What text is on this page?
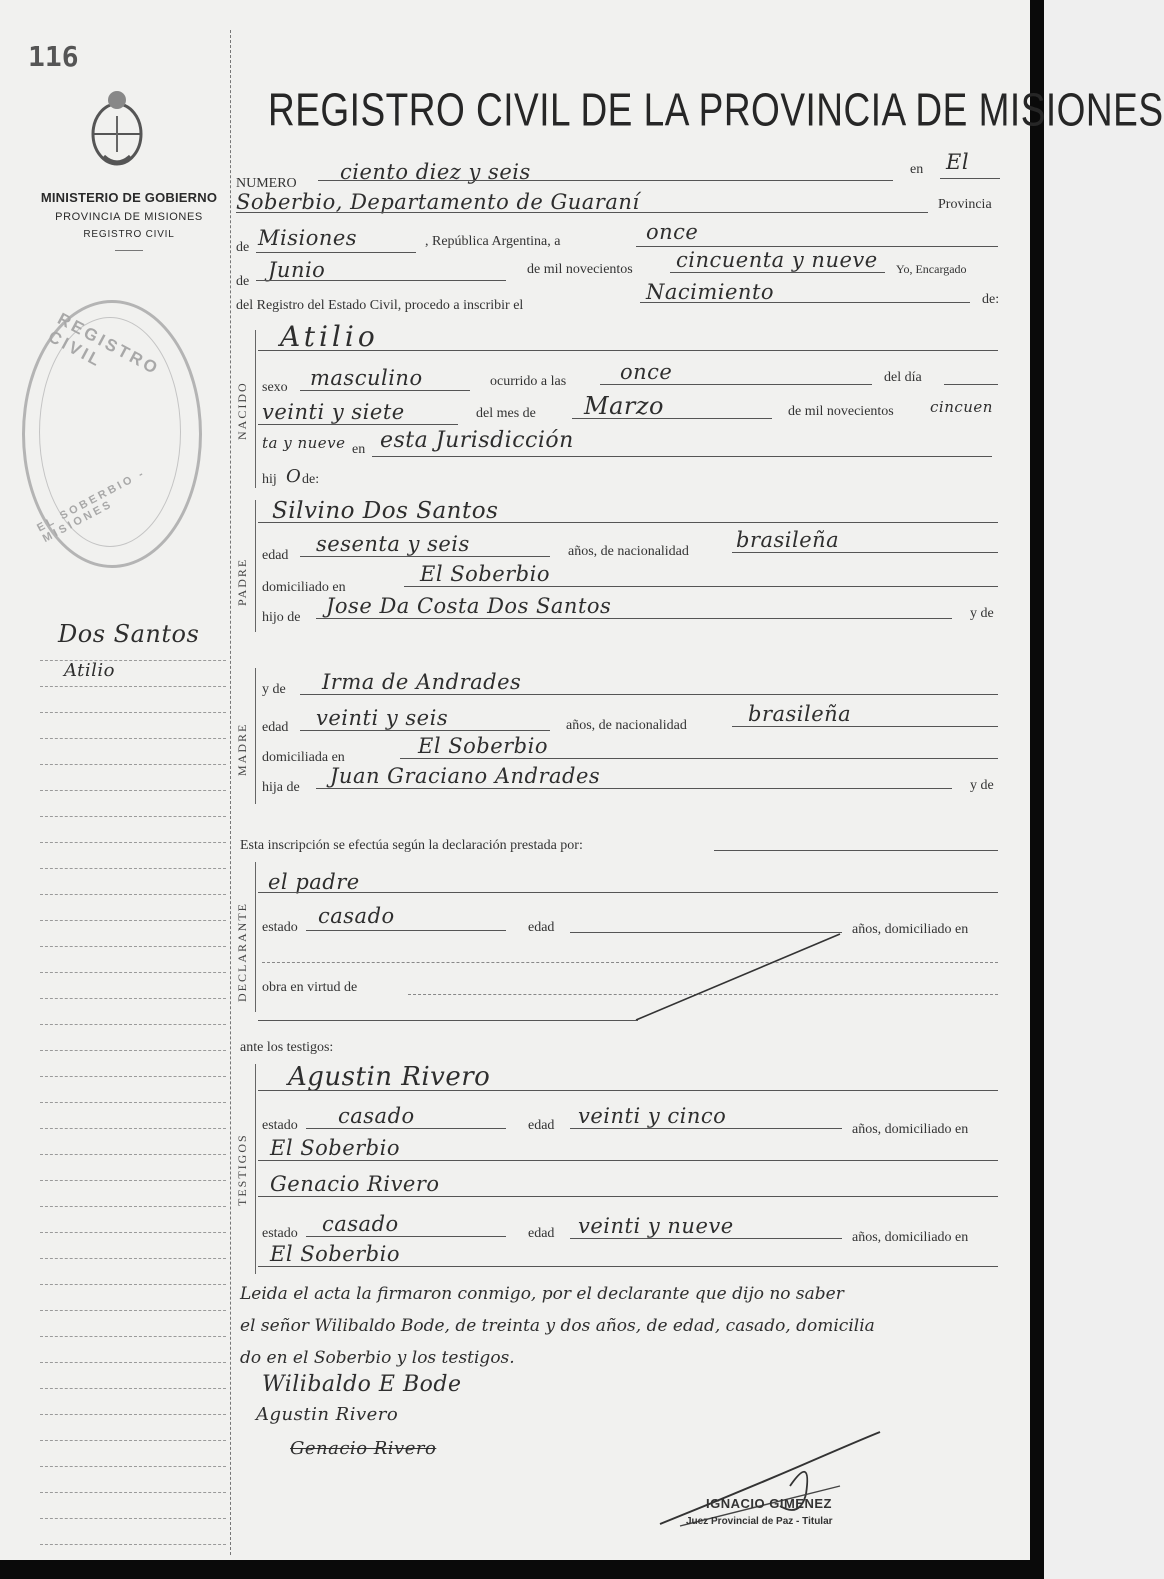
116
MINISTERIO DE GOBIERNO
PROVINCIA DE MISIONES
REGISTRO CIVIL
REGISTRO CIVIL
EL SOBERBIO - MISIONES
Dos Santos
Atilio
REGISTRO CIVIL DE LA PROVINCIA DE MISIONES
NUMERO ciento diez y seis	en El
Soberbio, Departamento de Guaraní	Provincia
de Misiones	, República Argentina, a	once
de Junio	de mil novecientos cincuenta y nueve Yo, Encargado
del Registro del Estado Civil, procedo a inscribir el
Nacimiento	de:
NACIDO
Atilio
sexo masculino	ocurrido a las	once	del día
veinti y siete	del mes de Marzo	de mil novecientos cincuen
ta y nueve en esta Jurisdicción
hij O de:
PADRE
Silvino Dos Santos
edad sesenta y seis	años, de nacionalidad brasileña
domiciliado en
El Soberbio
hijo de Jose Da Costa Dos Santos	y de
MADRE
y de Irma de Andrades
edad veinti y seis	años, de nacionalidad	brasileña
domiciliada en	El Soberbio
hija de Juan Graciano Andrades	y de
Esta inscripción se efectúa según la declaración prestada por:
DECLARANTE
el padre
estado casado	edad	años, domiciliado en
obra en virtud de
ante los testigos:
TESTIGOS
Agustin Rivero
estado casado	edad veinti y cinco
años, domiciliado en
El Soberbio
Genacio Rivero
estado casado	edad veinti y nueve	años, domiciliado en
El Soberbio
Leida el acta la firmaron conmigo, por el declarante que dijo no saber
el señor Wilibaldo Bode, de treinta y dos años, de edad, casado, domicilia
do en el Soberbio y los testigos.
Wilibaldo E Bode
Agustin Rivero
Genacio Rivero
IGNACIO GIMENEZ
Juez Provincial de Paz - Titular
